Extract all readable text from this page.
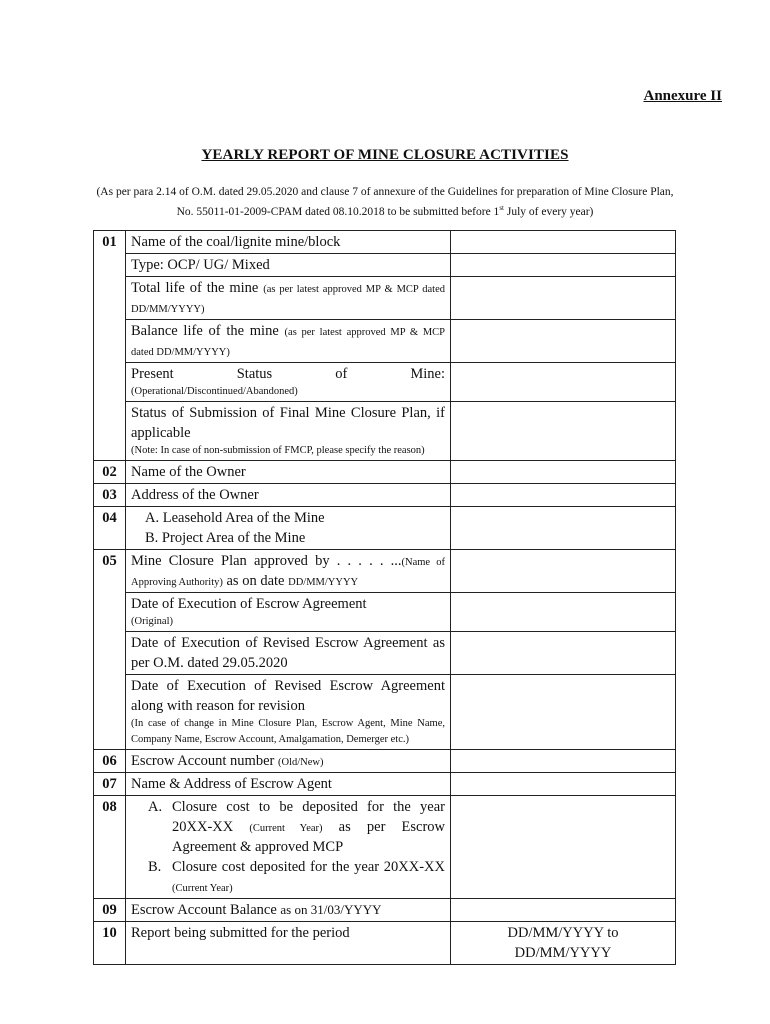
Annexure II
YEARLY REPORT OF MINE CLOSURE ACTIVITIES
(As per para 2.14 of O.M. dated 29.05.2020 and clause 7 of annexure of the Guidelines for preparation of Mine Closure Plan, No. 55011-01-2009-CPAM dated 08.10.2018 to be submitted before 1st July of every year)
01	Name of the coal/lignite mine/block	
	Type: OCP/ UG/ Mixed	
	Total life of the mine (as per latest approved MP & MCP dated DD/MM/YYYY)	
	Balance life of the mine (as per latest approved MP & MCP dated DD/MM/YYYY)	

	Present Status of Mine:
(Operational/Discontinued/Abandoned)	

	Status of Submission of Final Mine Closure Plan, if applicable
(Note: In case of non-submission of FMCP, please specify the reason)	

02	Name of the Owner	
03	Address of the Owner	
04	A. Leasehold Area of the Mine
B. Project Area of the Mine	

05	Mine Closure Plan approved by . . . . . ...(Name of Approving Authority) as on date DD/MM/YYYY	
	Date of Execution of Escrow Agreement
(Original)	

	Date of Execution of Revised Escrow Agreement as per O.M. dated 29.05.2020	
	Date of Execution of Revised Escrow Agreement along with reason for revision
(In case of change in Mine Closure Plan, Escrow Agent, Mine Name, Company Name, Escrow Account, Amalgamation, Demerger etc.)	

06	Escrow Account number (Old/New)	
07	Name & Address of Escrow Agent	
08	A. Closure cost to be deposited for the year 20XX-XX (Current Year) as per Escrow Agreement & approved MCP
B. Closure cost deposited for the year 20XX-XX (Current Year)	

09	Escrow Account Balance as on 31/03/YYYY	
10	Report being submitted for the period	DD/MM/YYYY to DD/MM/YYYY
